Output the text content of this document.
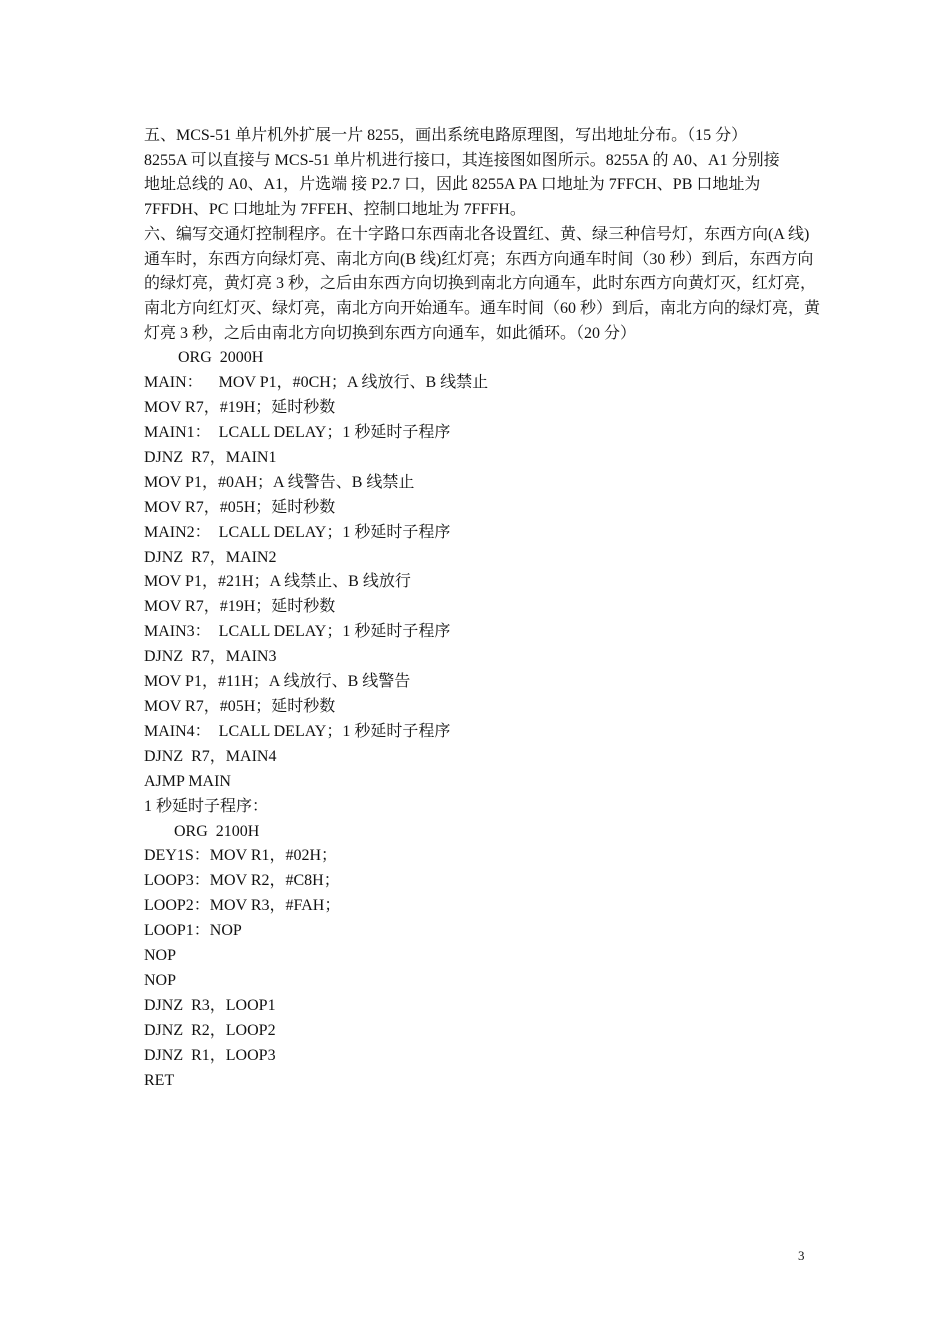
五、MCS-51 单片机外扩展一片 8255，画出系统电路原理图，写出地址分布。（15 分）

8255A 可以直接与 MCS-51 单片机进行接口，其连接图如图所示。8255A 的 A0、A1 分别接

地址总线的 A0、A1，片选端 接 P2.7 口，因此 8255A PA 口地址为 7FFCH、PB 口地址为

7FFDH、PC 口地址为 7FFEH、控制口地址为 7FFFH。

六、编写交通灯控制程序。在十字路口东西南北各设置红、黄、绿三种信号灯，东西方向(A 线)

通车时，东西方向绿灯亮、南北方向(B 线)红灯亮；东西方向通车时间（30 秒）到后，东西方向

的绿灯亮，黄灯亮 3 秒，之后由东西方向切换到南北方向通车，此时东西方向黄灯灭，红灯亮，

南北方向红灯灭、绿灯亮，南北方向开始通车。通车时间（60 秒）到后，南北方向的绿灯亮，黄

灯亮 3 秒，之后由南北方向切换到东西方向通车，如此循环。（20 分）

ORG  2000H

MAIN：    MOV P1，#0CH；A 线放行、B 线禁止

MOV R7，#19H；延时秒数

MAIN1：  LCALL DELAY；1 秒延时子程序

DJNZ  R7，MAIN1

MOV P1，#0AH；A 线警告、B 线禁止

MOV R7，#05H；延时秒数

MAIN2：  LCALL DELAY；1 秒延时子程序

DJNZ  R7，MAIN2

MOV P1，#21H；A 线禁止、B 线放行

MOV R7，#19H；延时秒数

MAIN3：  LCALL DELAY；1 秒延时子程序

DJNZ  R7，MAIN3

MOV P1，#11H；A 线放行、B 线警告

MOV R7，#05H；延时秒数

MAIN4：  LCALL DELAY；1 秒延时子程序

DJNZ  R7，MAIN4

AJMP MAIN

1 秒延时子程序：

ORG  2100H

DEY1S：MOV R1，#02H；

LOOP3：MOV R2，#C8H；

LOOP2：MOV R3，#FAH；

LOOP1：NOP

NOP

NOP

DJNZ  R3，LOOP1

DJNZ  R2，LOOP2

DJNZ  R1，LOOP3

RET

3
